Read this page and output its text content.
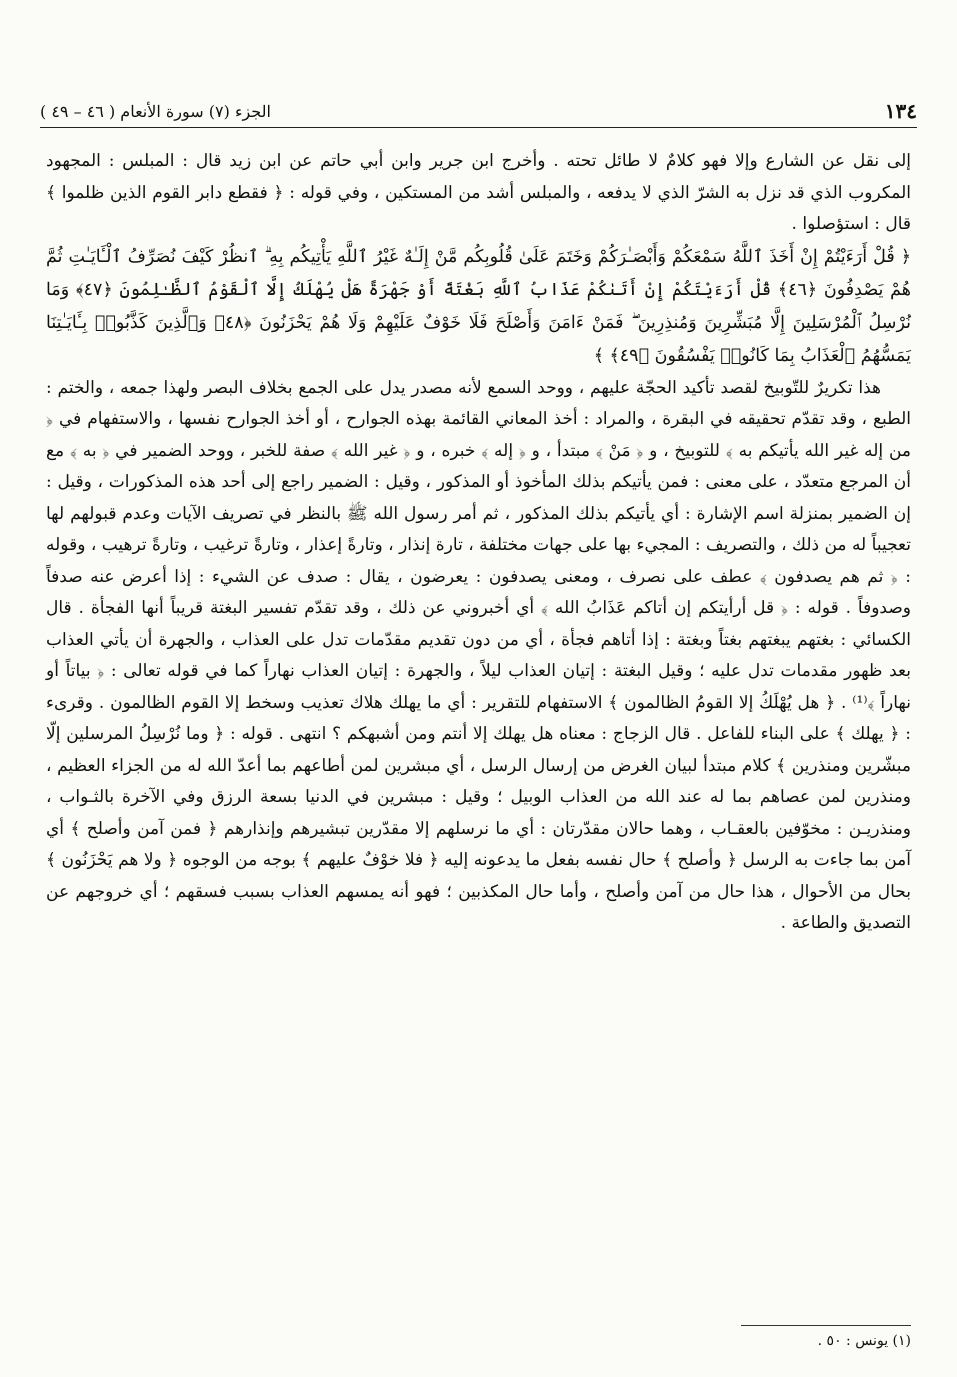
الجزء (٧) سورة الأنعام ( ٤٦ – ٤٩ )	١٣٤

إلى نقل عن الشارع وإلا فهو كلامٌ لا طائل تحته . وأخرج ابن جرير وابن أبي حاتم عن ابن زيد قال : المبلس : المجهود المكروب الذي قد نزل به الشرّ الذي لا يدفعه ، والمبلس أشد من المستكين ، وفي قوله : ﴿ فقطع دابر القوم الذين ظلموا ﴾ قال : استؤصلوا .

﴿ قُلْ أَرَءَيْتُمْ إِنْ أَخَذَ ٱللَّهُ سَمْعَكُمْ وَأَبْصَـٰرَكُمْ وَخَتَمَ عَلَىٰ قُلُوبِكُم مَّنْ إِلَـٰهٌ غَيْرُ ٱللَّهِ يَأْتِيكُم بِهِ ۗ ٱنظُرْ كَيْفَ نُصَرِّفُ ٱلْـَٔايَـٰتِ ثُمَّ هُمْ يَصْدِفُونَ ﴿٤٦﴾ قُلْ أَرَءَيْتَكُمْ إِنْ أَتَىٰكُمْ عَذَابُ ٱللَّهِ بَغْتَةً أَوْ جَهْرَةً هَلْ يُهْلَكُ إِلَّا ٱلْقَوْمُ ٱلظَّـٰلِمُونَ ﴿٤٧﴾ وَمَا نُرْسِلُ ٱلْمُرْسَلِينَ إِلَّا مُبَشِّرِينَ وَمُنذِرِينَ ۖ فَمَنْ ءَامَنَ وَأَصْلَحَ فَلَا خَوْفٌ عَلَيْهِمْ وَلَا هُمْ يَحْزَنُونَ ﴿٤٨﴾ وَٱلَّذِينَ كَذَّبُوا۟ بِـَٔايَـٰتِنَا يَمَسُّهُمُ ٱلْعَذَابُ بِمَا كَانُوا۟ يَفْسُقُونَ ﴿٤٩﴾ ﴾

هذا تكريرٌ للتّوبيخ لقصد تأكيد الحجّة عليهم ، ووحد السمع لأنه مصدر يدل على الجمع بخلاف البصر ولهذا جمعه ، والختم : الطبع ، وقد تقدّم تحقيقه في البقرة ، والمراد : أخذ المعاني القائمة بهذه الجوارح ، أو أخذ الجوارح نفسها ، والاستفهام في ﴿ من إله غير الله يأتيكم به ﴾ للتوبيخ ، و ﴿ مَنْ ﴾ مبتدأ ، و ﴿ إله ﴾ خبره ، و ﴿ غير الله ﴾ صفة للخبر ، ووحد الضمير في ﴿ به ﴾ مع أن المرجع متعدّد ، على معنى : فمن يأتيكم بذلك المأخوذ أو المذكور ، وقيل : الضمير راجع إلى أحد هذه المذكورات ، وقيل : إن الضمير بمنزلة اسم الإشارة : أي يأتيكم بذلك المذكور ، ثم أمر رسول الله ﷺ بالنظر في تصريف الآيات وعدم قبولهم لها تعجيباً له من ذلك ، والتصريف : المجيء بها على جهات مختلفة ، تارة إنذار ، وتارةً إعذار ، وتارةً ترغيب ، وتارةً ترهيب ، وقوله : ﴿ ثم هم يصدفون ﴾ عطف على نصرف ، ومعنى يصدفون : يعرضون ، يقال : صدف عن الشيء : إذا أعرض عنه صدفاً وصدوفاً . قوله : ﴿ قل أرأيتكم إن أتاكم عَذَابُ الله ﴾ أي أخبروني عن ذلك ، وقد تقدّم تفسير البغتة قريباً أنها الفجأة . قال الكسائي : بغتهم يبغتهم بغتاً وبغتة : إذا أتاهم فجأة ، أي من دون تقديم مقدّمات تدل على العذاب ، والجهرة أن يأتي العذاب بعد ظهور مقدمات تدل عليه ؛ وقيل البغتة : إتيان العذاب ليلاً ، والجهرة : إتيان العذاب نهاراً كما في قوله تعالى : ﴿ بياتاً أو نهاراً ﴾⁽¹⁾ . ﴿ هل يُهْلَكُ إلا القومُ الظالمون ﴾ الاستفهام للتقرير : أي ما يهلك هلاك تعذيب وسخط إلا القوم الظالمون . وقرىء : ﴿ يهلك ﴾ على البناء للفاعل . قال الزجاج : معناه هل يهلك إلا أنتم ومن أشبهكم ؟ انتهى . قوله : ﴿ وما نُرْسِلُ المرسلين إلّا مبشّرين ومنذرين ﴾ كلام مبتدأ لبيان الغرض من إرسال الرسل ، أي مبشرين لمن أطاعهم بما أعدّ الله له من الجزاء العظيم ، ومنذرين لمن عصاهم بما له عند الله من العذاب الوبيل ؛ وقيل : مبشرين في الدنيا بسعة الرزق وفي الآخرة بالثـواب ، ومنذريـن : مخوّفين بالعقـاب ، وهما حالان مقدّرتان : أي ما نرسلهم إلا مقدّرين تبشيرهم وإنذارهم ﴿ فمن آمن وأصلح ﴾ أي آمن بما جاءت به الرسل ﴿ وأصلح ﴾ حال نفسه بفعل ما يدعونه إليه ﴿ فلا خوْفٌ عليهم ﴾ بوجه من الوجوه ﴿ ولا هم يَحْزَنُون ﴾ بحال من الأحوال ، هذا حال من آمن وأصلح ، وأما حال المكذبين ؛ فهو أنه يمسهم العذاب بسبب فسقهم ؛ أي خروجهم عن التصديق والطاعة .

(١) يونس : ٥٠ .
